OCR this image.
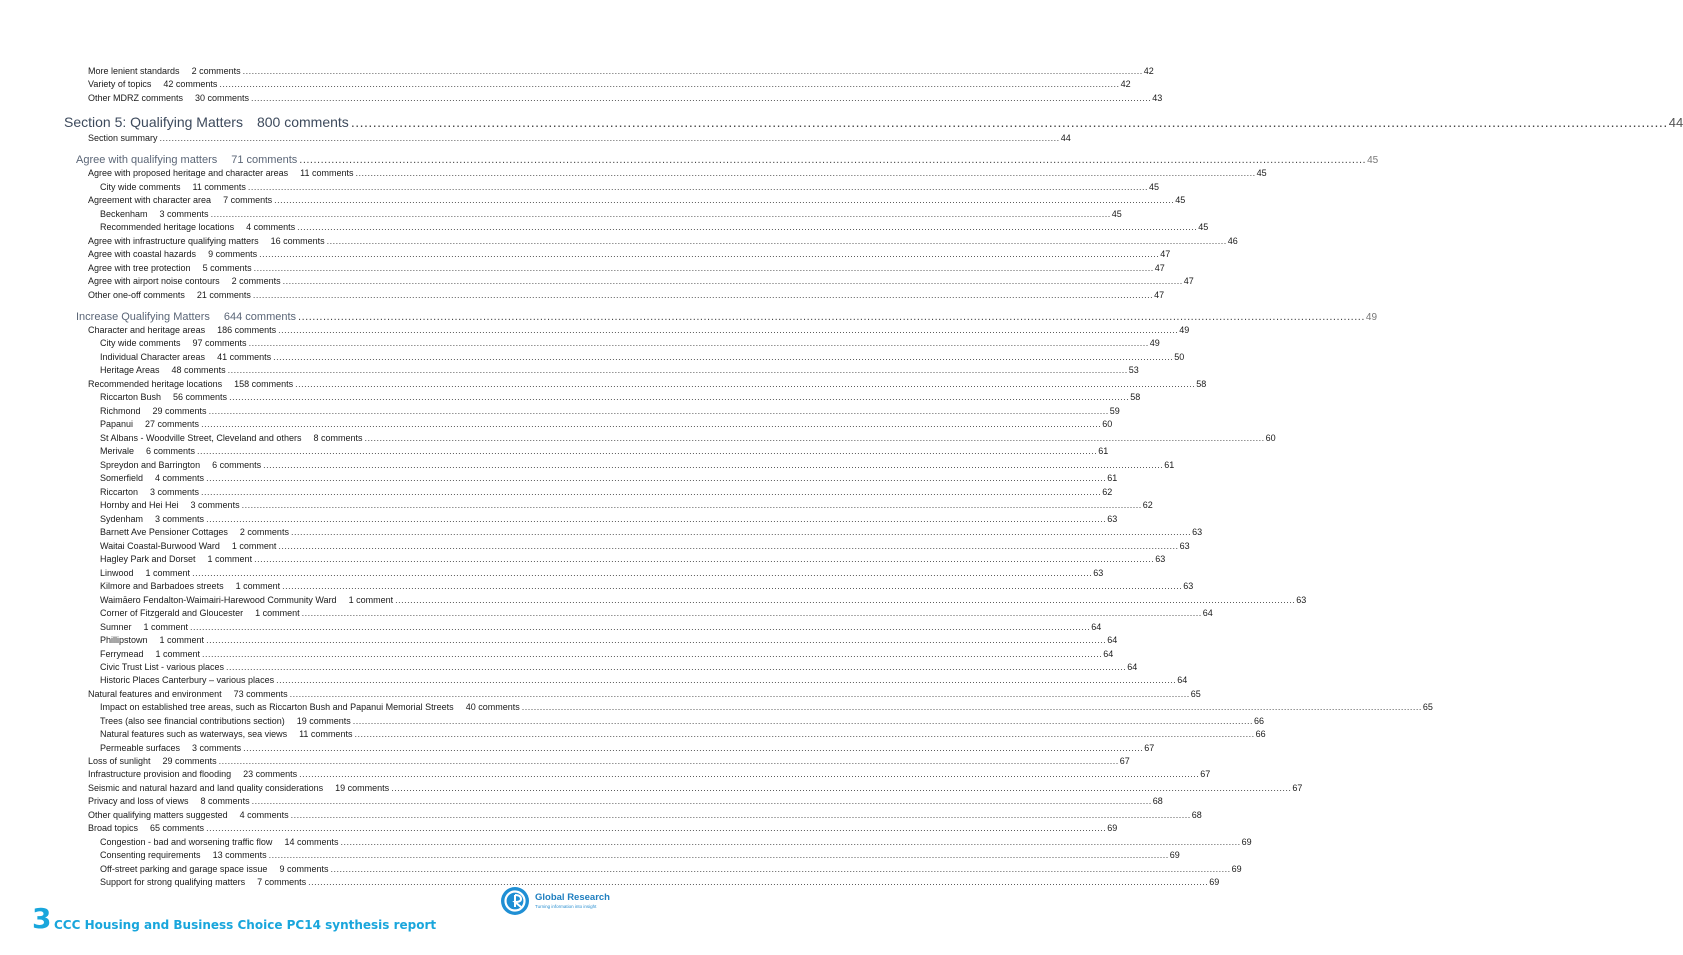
More lenient standards 2 comments ............................................................................................................................................................................................................................................................................................................ 42
Variety of topics 42 comments ............................................................................................................................................................................................................................................................................................................ 42
Other MDRZ comments 30 comments ............................................................................................................................................................................................................................................................................................................ 43
Section 5: Qualifying Matters 800 comments ............................................................................................................................................................................................................................................................................................................ 44
Section summary ............................................................................................................................................................................................................................................................................................................ 44
Agree with qualifying matters 71 comments ............................................................................................................................................................................................................................................................................................................ 45
Agree with proposed heritage and character areas 11 comments ............................................................................................................................................................................................................................................................................................................ 45
City wide comments 11 comments ............................................................................................................................................................................................................................................................................................................ 45
Agreement with character area 7 comments ............................................................................................................................................................................................................................................................................................................ 45
Beckenham 3 comments ............................................................................................................................................................................................................................................................................................................ 45
Recommended heritage locations 4 comments ............................................................................................................................................................................................................................................................................................................ 45
Agree with infrastructure qualifying matters 16 comments ............................................................................................................................................................................................................................................................................................................ 46
Agree with coastal hazards 9 comments ............................................................................................................................................................................................................................................................................................................ 47
Agree with tree protection 5 comments ............................................................................................................................................................................................................................................................................................................ 47
Agree with airport noise contours 2 comments ............................................................................................................................................................................................................................................................................................................ 47
Other one-off comments 21 comments ............................................................................................................................................................................................................................................................................................................ 47
Increase Qualifying Matters 644 comments ............................................................................................................................................................................................................................................................................................................ 49
Character and heritage areas 186 comments ............................................................................................................................................................................................................................................................................................................ 49
City wide comments 97 comments ............................................................................................................................................................................................................................................................................................................ 49
Individual Character areas 41 comments ............................................................................................................................................................................................................................................................................................................ 50
Heritage Areas 48 comments ............................................................................................................................................................................................................................................................................................................ 53
Recommended heritage locations 158 comments ............................................................................................................................................................................................................................................................................................................ 58
Riccarton Bush 56 comments ............................................................................................................................................................................................................................................................................................................ 58
Richmond 29 comments ............................................................................................................................................................................................................................................................................................................ 59
Papanui 27 comments ............................................................................................................................................................................................................................................................................................................ 60
St Albans - Woodville Street, Cleveland and others 8 comments ............................................................................................................................................................................................................................................................................................................ 60
Merivale 6 comments ............................................................................................................................................................................................................................................................................................................ 61
Spreydon and Barrington 6 comments ............................................................................................................................................................................................................................................................................................................ 61
Somerfield 4 comments ............................................................................................................................................................................................................................................................................................................ 61
Riccarton 3 comments ............................................................................................................................................................................................................................................................................................................ 62
Hornby and Hei Hei 3 comments ............................................................................................................................................................................................................................................................................................................ 62
Sydenham 3 comments ............................................................................................................................................................................................................................................................................................................ 63
Barnett Ave Pensioner Cottages 2 comments ............................................................................................................................................................................................................................................................................................................ 63
Waitai Coastal-Burwood Ward 1 comment ............................................................................................................................................................................................................................................................................................................ 63
Hagley Park and Dorset 1 comment ............................................................................................................................................................................................................................................................................................................ 63
Linwood 1 comment ............................................................................................................................................................................................................................................................................................................ 63
Kilmore and Barbadoes streets 1 comment ............................................................................................................................................................................................................................................................................................................ 63
Waimāero Fendalton-Waimairi-Harewood Community Ward 1 comment ............................................................................................................................................................................................................................................................................................................ 63
Corner of Fitzgerald and Gloucester 1 comment ............................................................................................................................................................................................................................................................................................................ 64
Sumner 1 comment ............................................................................................................................................................................................................................................................................................................ 64
Phillipstown 1 comment ............................................................................................................................................................................................................................................................................................................ 64
Ferrymead 1 comment ............................................................................................................................................................................................................................................................................................................ 64
Civic Trust List - various places ............................................................................................................................................................................................................................................................................................................ 64
Historic Places Canterbury – various places ............................................................................................................................................................................................................................................................................................................ 64
Natural features and environment 73 comments ............................................................................................................................................................................................................................................................................................................ 65
Impact on established tree areas, such as Riccarton Bush and Papanui Memorial Streets 40 comments ............................................................................................................................................................................................................................................................................................................ 65
Trees (also see financial contributions section) 19 comments ............................................................................................................................................................................................................................................................................................................ 66
Natural features such as waterways, sea views 11 comments ............................................................................................................................................................................................................................................................................................................ 66
Permeable surfaces 3 comments ............................................................................................................................................................................................................................................................................................................ 67
Loss of sunlight 29 comments ............................................................................................................................................................................................................................................................................................................ 67
Infrastructure provision and flooding 23 comments ............................................................................................................................................................................................................................................................................................................ 67
Seismic and natural hazard and land quality considerations 19 comments ............................................................................................................................................................................................................................................................................................................ 67
Privacy and loss of views 8 comments ............................................................................................................................................................................................................................................................................................................ 68
Other qualifying matters suggested 4 comments ............................................................................................................................................................................................................................................................................................................ 68
Broad topics 65 comments ............................................................................................................................................................................................................................................................................................................ 69
Congestion - bad and worsening traffic flow 14 comments ............................................................................................................................................................................................................................................................................................................ 69
Consenting requirements 13 comments ............................................................................................................................................................................................................................................................................................................ 69
Off-street parking and garage space issue 9 comments ............................................................................................................................................................................................................................................................................................................ 69
Support for strong qualifying matters 7 comments ............................................................................................................................................................................................................................................................................................................ 69
3 CCC Housing and Business Choice PC14 synthesis report
Global Research
Turning information into insight
